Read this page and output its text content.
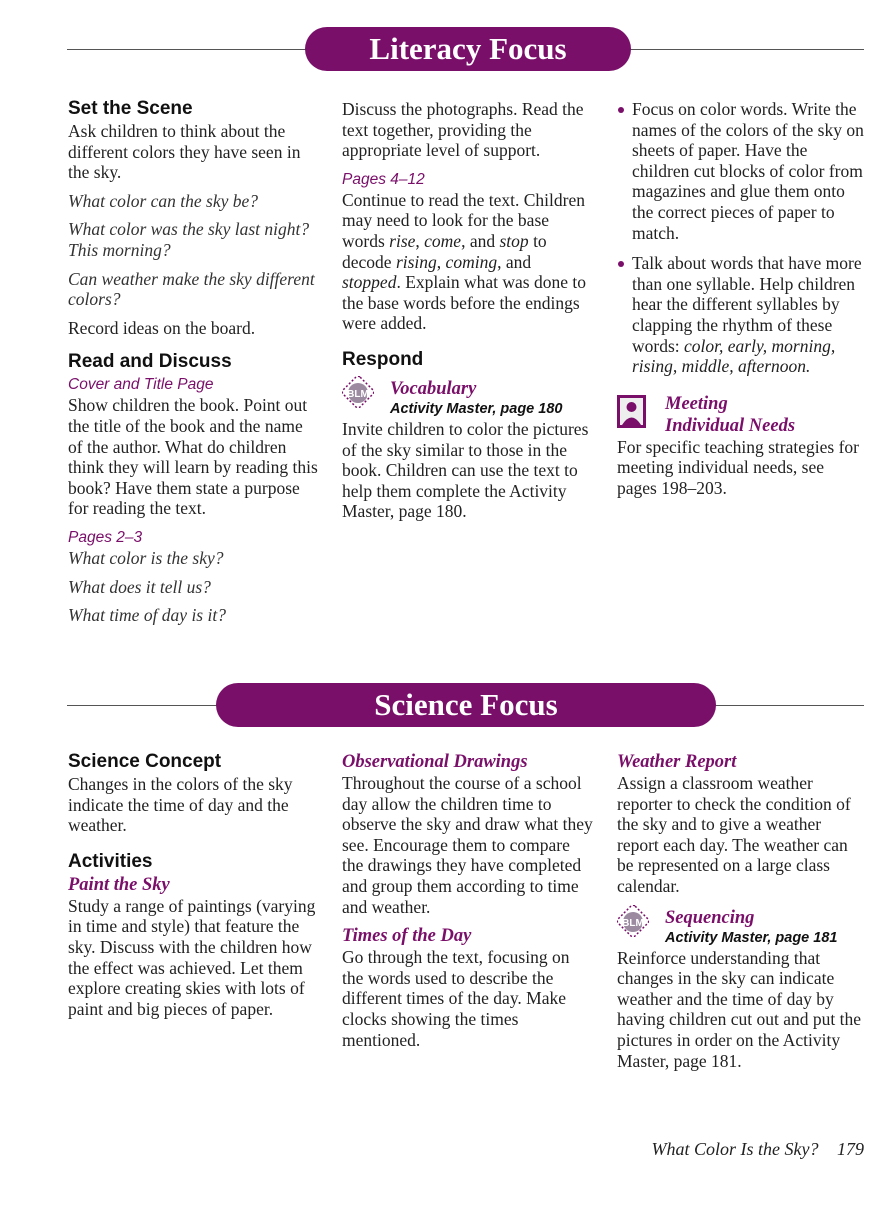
Literacy Focus
Set the Scene

Ask children to think about the different colors they have seen in the sky.

What color can the sky be?

What color was the sky last night? This morning?

Can weather make the sky different colors?

Record ideas on the board.

Read and Discuss
Cover and Title Page

Show children the book. Point out the title of the book and the name of the author. What do children think they will learn by reading this book? Have them state a purpose for reading the text.

Pages 2–3

What color is the sky?

What does it tell us?

What time of day is it?

Discuss the photographs. Read the text together, providing the appropriate level of support.

Pages 4–12

Continue to read the text. Children may need to look for the base words rise, come, and stop to decode rising, coming, and stopped. Explain what was done to the base words before the endings were added.

Respond
BLM Vocabulary
Activity Master, page 180

Invite children to color the pictures of the sky similar to those in the book. Children can use the text to help them complete the Activity Master, page 180.

Focus on color words. Write the names of the colors of the sky on sheets of paper. Have the children cut blocks of color from magazines and glue them onto the correct pieces of paper to match.
Talk about words that have more than one syllable. Help children hear the different syllables by clapping the rhythm of these words: color, early, morning, rising, middle, afternoon.
Meeting
Individual Needs

For specific teaching strategies for meeting individual needs, see pages 198–203.

Science Focus
Science Concept

Changes in the colors of the sky indicate the time of day and the weather.

Activities
Paint the Sky

Study a range of paintings (varying in time and style) that feature the sky. Discuss with the children how the effect was achieved. Let them explore creating skies with lots of paint and big pieces of paper.

Observational Drawings

Throughout the course of a school day allow the children time to observe the sky and draw what they see. Encourage them to compare the drawings they have completed and group them according to time and weather.

Times of the Day

Go through the text, focusing on the words used to describe the different times of the day. Make clocks showing the times mentioned.

Weather Report

Assign a classroom weather reporter to check the condition of the sky and to give a weather report each day. The weather can be represented on a large class calendar.

BLM Sequencing
Activity Master, page 181

Reinforce understanding that changes in the sky can indicate weather and the time of day by having children cut out and put the pictures in order on the Activity Master, page 181.

What Color Is the Sky? 179
